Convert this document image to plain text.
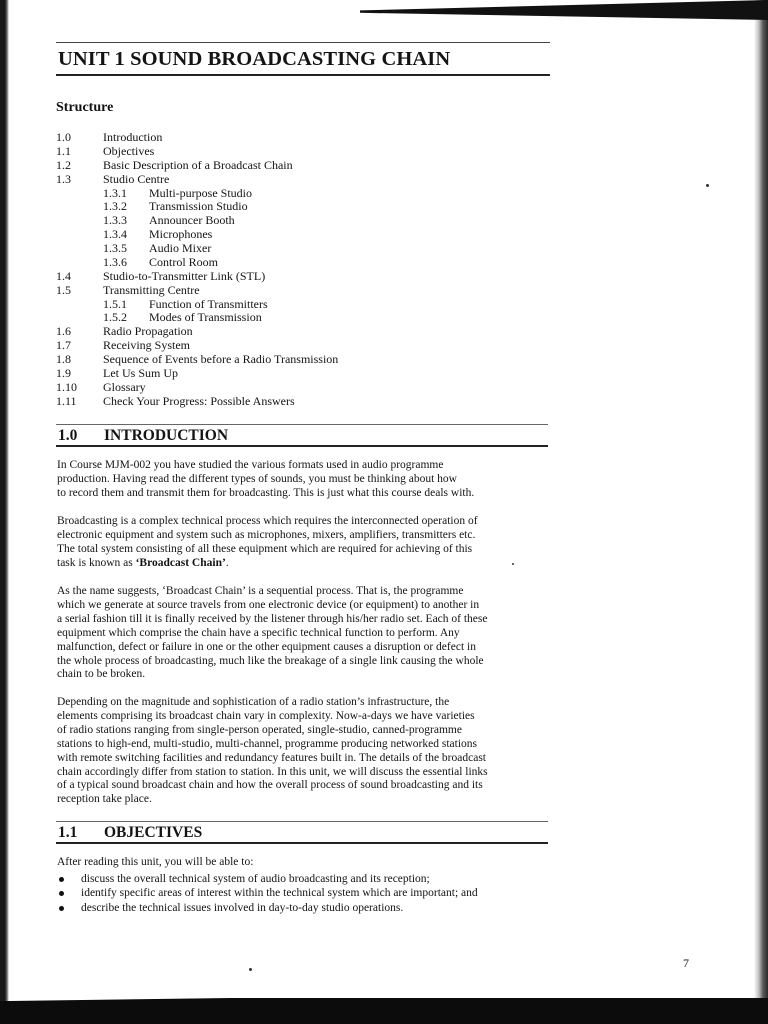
UNIT 1 SOUND BROADCASTING CHAIN
Structure
1.0	Introduction
1.1	Objectives
1.2	Basic Description of a Broadcast Chain
1.3	Studio Centre
1.3.1 Multi-purpose Studio
1.3.2 Transmission Studio
1.3.3 Announcer Booth
1.3.4 Microphones
1.3.5 Audio Mixer
1.3.6 Control Room
1.4	Studio-to-Transmitter Link (STL)
1.5	Transmitting Centre
1.5.1 Function of Transmitters
1.5.2 Modes of Transmission
1.6	Radio Propagation
1.7	Receiving System
1.8	Sequence of Events before a Radio Transmission
1.9	Let Us Sum Up
1.10 Glossary
1.11 Check Your Progress: Possible Answers
1.0 INTRODUCTION

In Course MJM-002 you have studied the various formats used in audio programme
production. Having read the different types of sounds, you must be thinking about how
to record them and transmit them for broadcasting. This is just what this course deals with.

Broadcasting is a complex technical process which requires the interconnected operation of
electronic equipment and system such as microphones, mixers, amplifiers, transmitters etc.
The total system consisting of all these equipment which are required for achieving of this
task is known as ‘Broadcast Chain’.

As the name suggests, ‘Broadcast Chain’ is a sequential process. That is, the programme
which we generate at source travels from one electronic device (or equipment) to another in
a serial fashion till it is finally received by the listener through his/her radio set. Each of these
equipment which comprise the chain have a specific technical function to perform. Any
malfunction, defect or failure in one or the other equipment causes a disruption or defect in
the whole process of broadcasting, much like the breakage of a single link causing the whole
chain to be broken.

Depending on the magnitude and sophistication of a radio station’s infrastructure, the
elements comprising its broadcast chain vary in complexity. Now-a-days we have varieties
of radio stations ranging from single-person operated, single-studio, canned-programme
stations to high-end, multi-studio, multi-channel, programme producing networked stations
with remote switching facilities and redundancy features built in. The details of the broadcast
chain accordingly differ from station to station. In this unit, we will discuss the essential links
of a typical sound broadcast chain and how the overall process of sound broadcasting and its
reception take place.

1.1 OBJECTIVES

After reading this unit, you will be able to:

discuss the overall technical system of audio broadcasting and its reception;
identify specific areas of interest within the technical system which are important; and
describe the technical issues involved in day-to-day studio operations.
7
